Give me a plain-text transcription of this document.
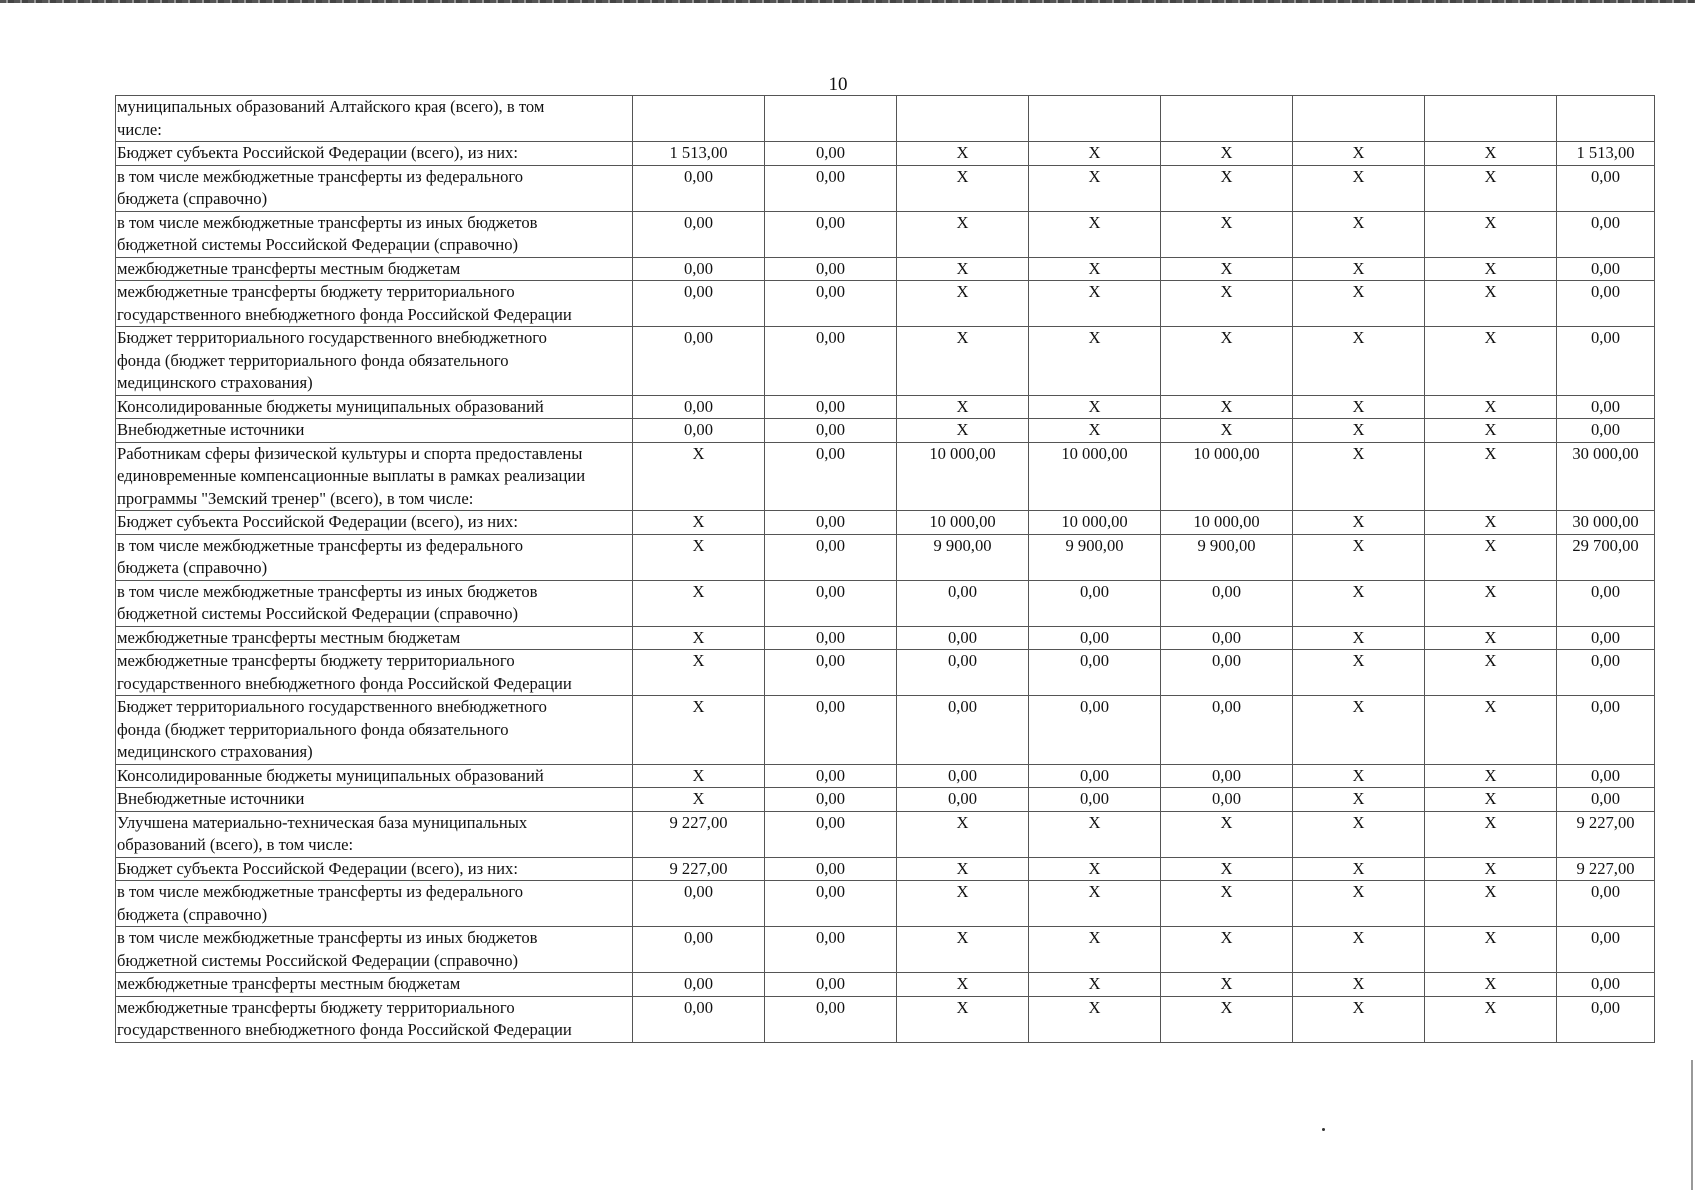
10
муниципальных образований Алтайского края (всего), в том
числе:								

Бюджет субъекта Российской Федерации (всего), из них:	1 513,00	0,00	X	X	X	X	X	1 513,00

в том числе межбюджетные трансферты из федерального
бюджета (справочно)	0,00	0,00	X	X	X	X	X	0,00

в том числе межбюджетные трансферты из иных бюджетов
бюджетной системы Российской Федерации (справочно)	0,00	0,00	X	X	X	X	X	0,00

межбюджетные трансферты местным бюджетам	0,00	0,00	X	X	X	X	X	0,00

межбюджетные трансферты бюджету территориального
государственного внебюджетного фонда Российской Федерации	0,00	0,00	X	X	X	X	X	0,00

Бюджет территориального государственного внебюджетного
фонда (бюджет территориального фонда обязательного
медицинского страхования)	0,00	0,00	X	X	X	X	X	0,00

Консолидированные бюджеты муниципальных образований	0,00	0,00	X	X	X	X	X	0,00

Внебюджетные источники	0,00	0,00	X	X	X	X	X	0,00

Работникам сферы физической культуры и спорта предоставлены
единовременные компенсационные выплаты в рамках реализации
программы "Земский тренер" (всего), в том числе:	X	0,00	10 000,00	10 000,00	10 000,00	X	X	30 000,00

Бюджет субъекта Российской Федерации (всего), из них:	X	0,00	10 000,00	10 000,00	10 000,00	X	X	30 000,00

в том числе межбюджетные трансферты из федерального
бюджета (справочно)	X	0,00	9 900,00	9 900,00	9 900,00	X	X	29 700,00

в том числе межбюджетные трансферты из иных бюджетов
бюджетной системы Российской Федерации (справочно)	X	0,00	0,00	0,00	0,00	X	X	0,00

межбюджетные трансферты местным бюджетам	X	0,00	0,00	0,00	0,00	X	X	0,00

межбюджетные трансферты бюджету территориального
государственного внебюджетного фонда Российской Федерации	X	0,00	0,00	0,00	0,00	X	X	0,00

Бюджет территориального государственного внебюджетного
фонда (бюджет территориального фонда обязательного
медицинского страхования)	X	0,00	0,00	0,00	0,00	X	X	0,00

Консолидированные бюджеты муниципальных образований	X	0,00	0,00	0,00	0,00	X	X	0,00

Внебюджетные источники	X	0,00	0,00	0,00	0,00	X	X	0,00

Улучшена материально-техническая база муниципальных
образований (всего), в том числе:	9 227,00	0,00	X	X	X	X	X	9 227,00

Бюджет субъекта Российской Федерации (всего), из них:	9 227,00	0,00	X	X	X	X	X	9 227,00

в том числе межбюджетные трансферты из федерального
бюджета (справочно)	0,00	0,00	X	X	X	X	X	0,00

в том числе межбюджетные трансферты из иных бюджетов
бюджетной системы Российской Федерации (справочно)	0,00	0,00	X	X	X	X	X	0,00

межбюджетные трансферты местным бюджетам	0,00	0,00	X	X	X	X	X	0,00

межбюджетные трансферты бюджету территориального
государственного внебюджетного фонда Российской Федерации	0,00	0,00	X	X	X	X	X	0,00
